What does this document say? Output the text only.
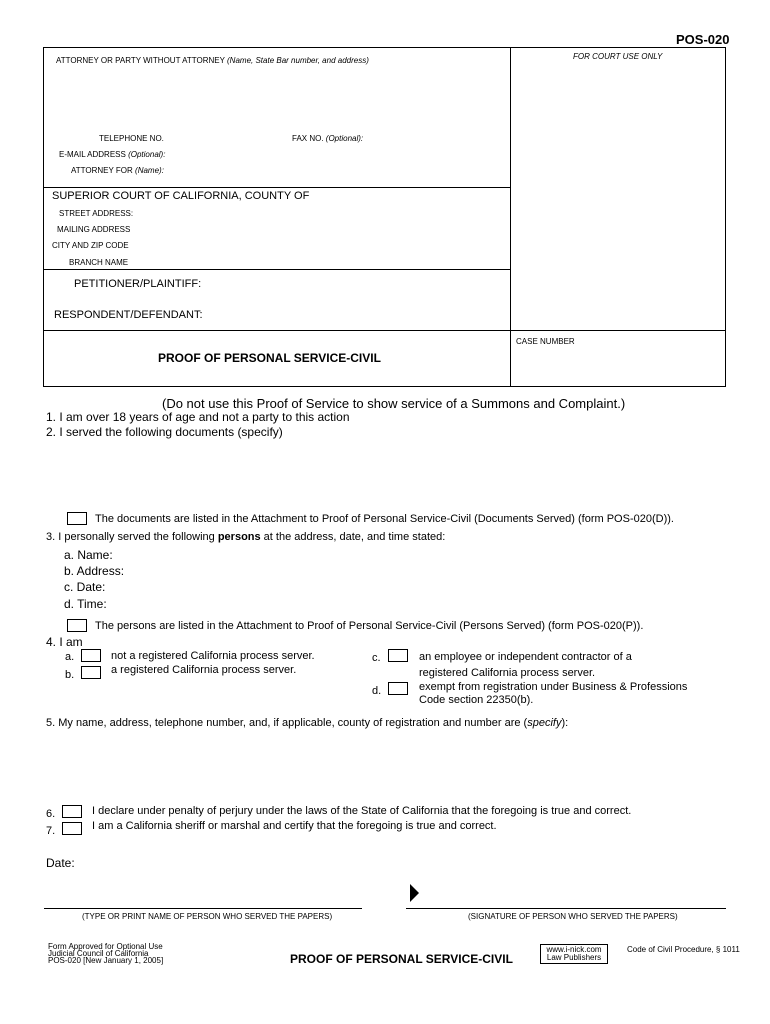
POS-020
ATTORNEY OR PARTY WITHOUT ATTORNEY (Name, State Bar number, and address)	FOR COURT USE ONLY
TELEPHONE NO.	FAX NO. (Optional):
E-MAIL ADDRESS (Optional):
ATTORNEY FOR (Name):
SUPERIOR COURT OF CALIFORNIA, COUNTY OF
STREET ADDRESS:
MAILING ADDRESS
CITY AND ZIP CODE
BRANCH NAME
PETITIONER/PLAINTIFF:
RESPONDENT/DEFENDANT:
CASE NUMBER
PROOF OF PERSONAL SERVICE-CIVIL
(Do not use this Proof of Service to show service of a Summons and Complaint.)
1. I am over 18 years of age and not a party to this action
2. I served the following documents (specify)
The documents are listed in the Attachment to Proof of Personal Service-Civil (Documents Served) (form POS-020(D)).
3. I personally served the following persons at the address, date, and time stated:
a. Name:
b. Address:
c. Date:
d. Time:
The persons are listed in the Attachment to Proof of Personal Service-Civil (Persons Served) (form POS-020(P)).
4. I am
a.	not a registered California process server.
b.	a registered California process server.
c.	an employee or independent contractor of a
registered California process server.
d.	exempt from registration under Business & Professions
Code section 22350(b).
5. My name, address, telephone number, and, if applicable, county of registration and number are (specify):
6.	I declare under penalty of perjury under the laws of the State of California that the foregoing is true and correct.
7.	I am a California sheriff or marshal and certify that the foregoing is true and correct.
Date:
(TYPE OR PRINT NAME OF PERSON WHO SERVED THE PAPERS)	(SIGNATURE OF PERSON WHO SERVED THE PAPERS)
Form Approved for Optional Use
Judicial Council of California
POS-020 [New January 1, 2005]	PROOF OF PERSONAL SERVICE-CIVIL
www.i-nick.com
Law Publishers
Code of Civil Procedure, § 1011
